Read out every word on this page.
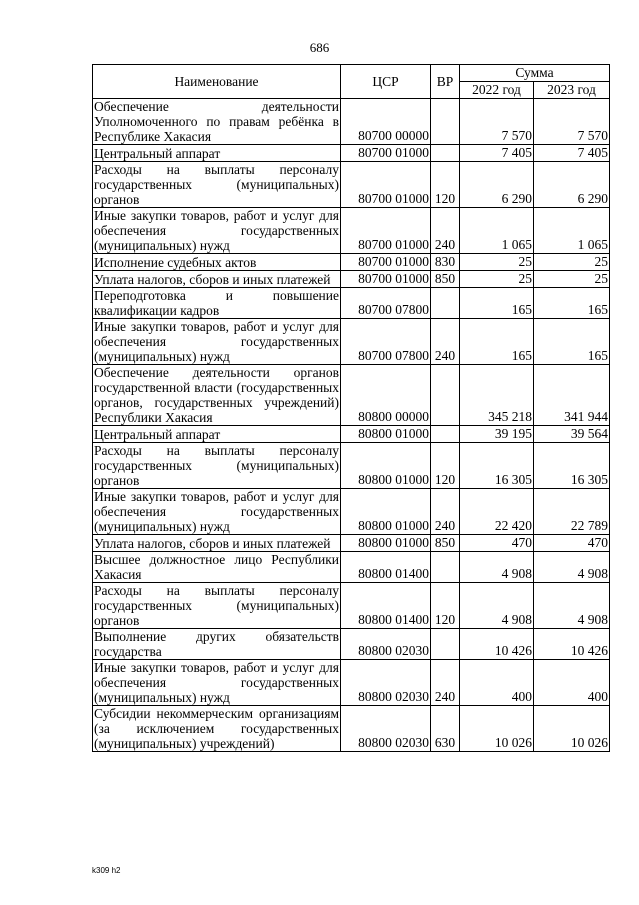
686
Наименование	ЦСР	ВР	Сумма	
			2022 год	2023 год
Обеспечение деятельности Уполномоченного по правам ребёнка в Республике Хакасия	80700 00000		7 570	7 570
Центральный аппарат	80700 01000		7 405	7 405
Расходы на выплаты персоналу государственных (муниципальных) органов	80700 01000	120	6 290	6 290
Иные закупки товаров, работ и услуг для обеспечения государственных (муниципальных) нужд	80700 01000	240	1 065	1 065
Исполнение судебных актов	80700 01000	830	25	25
Уплата налогов, сборов и иных платежей	80700 01000	850	25	25
Переподготовка и повышение квалификации кадров	80700 07800		165	165
Иные закупки товаров, работ и услуг для обеспечения государственных (муниципальных) нужд	80700 07800	240	165	165
Обеспечение деятельности органов государственной власти (государственных органов, государственных учреждений) Республики Хакасия	80800 00000		345 218	341 944
Центральный аппарат	80800 01000		39 195	39 564
Расходы на выплаты персоналу государственных (муниципальных) органов	80800 01000	120	16 305	16 305
Иные закупки товаров, работ и услуг для обеспечения государственных (муниципальных) нужд	80800 01000	240	22 420	22 789
Уплата налогов, сборов и иных платежей	80800 01000	850	470	470
Высшее должностное лицо Республики Хакасия	80800 01400		4 908	4 908
Расходы на выплаты персоналу государственных (муниципальных) органов	80800 01400	120	4 908	4 908
Выполнение других обязательств государства	80800 02030		10 426	10 426
Иные закупки товаров, работ и услуг для обеспечения государственных (муниципальных) нужд	80800 02030	240	400	400
Субсидии некоммерческим организациям (за исключением государственных (муниципальных) учреждений)	80800 02030	630	10 026	10 026
k309 h2
